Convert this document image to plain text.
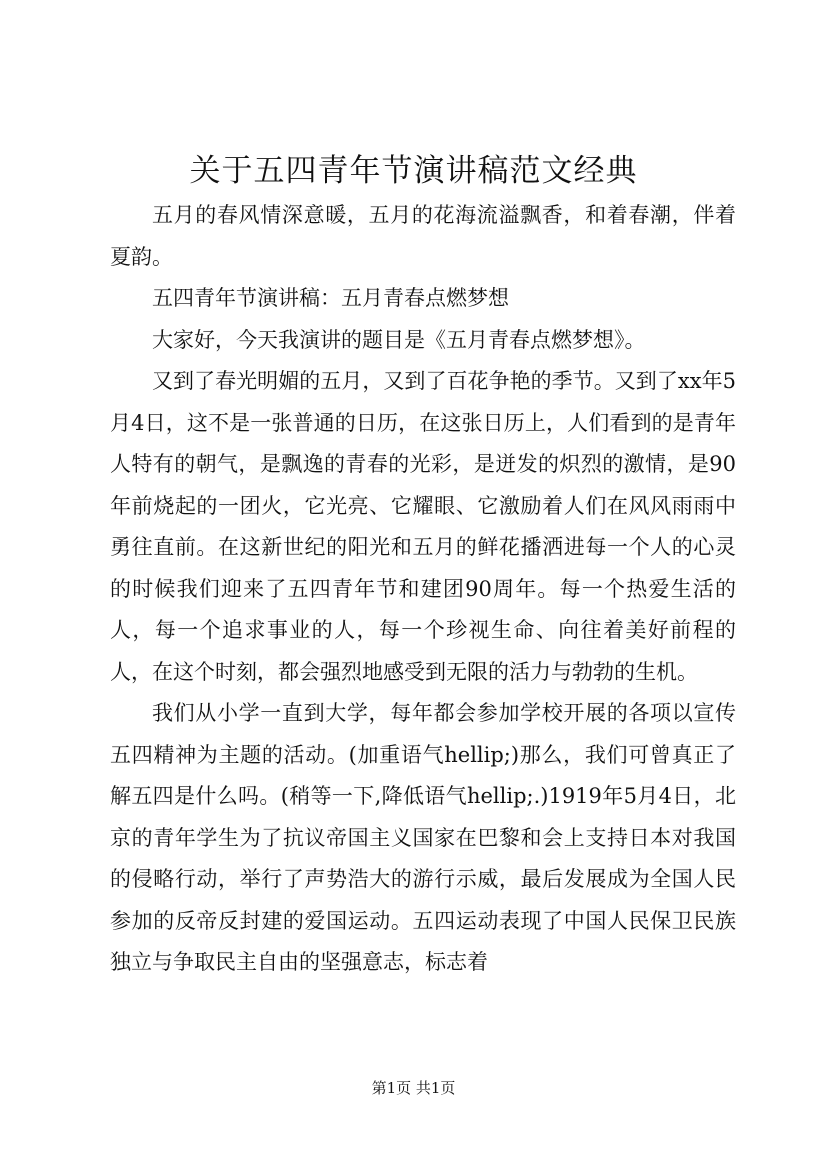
关于五四青年节演讲稿范文经典

五月的春风情深意暖，五月的花海流溢飘香，和着春潮，伴着夏韵。

五四青年节演讲稿：五月青春点燃梦想

大家好，今天我演讲的题目是《五月青春点燃梦想》。

又到了春光明媚的五月，又到了百花争艳的季节。又到了xx年5月4日，这不是一张普通的日历，在这张日历上，人们看到的是青年人特有的朝气，是飘逸的青春的光彩，是迸发的炽烈的激情，是90年前烧起的一团火，它光亮、它耀眼、它激励着人们在风风雨雨中勇往直前。在这新世纪的阳光和五月的鲜花播洒进每一个人的心灵的时候我们迎来了五四青年节和建团90周年。每一个热爱生活的人，每一个追求事业的人，每一个珍视生命、向往着美好前程的人，在这个时刻，都会强烈地感受到无限的活力与勃勃的生机。

我们从小学一直到大学，每年都会参加学校开展的各项以宣传五四精神为主题的活动。(加重语气hellip;)那么，我们可曾真正了解五四是什么吗。(稍等一下,降低语气hellip;.)1919年5月4日，北京的青年学生为了抗议帝国主义国家在巴黎和会上支持日本对我国的侵略行动，举行了声势浩大的游行示威，最后发展成为全国人民参加的反帝反封建的爱国运动。五四运动表现了中国人民保卫民族独立与争取民主自由的坚强意志，标志着

第1页 共1页
